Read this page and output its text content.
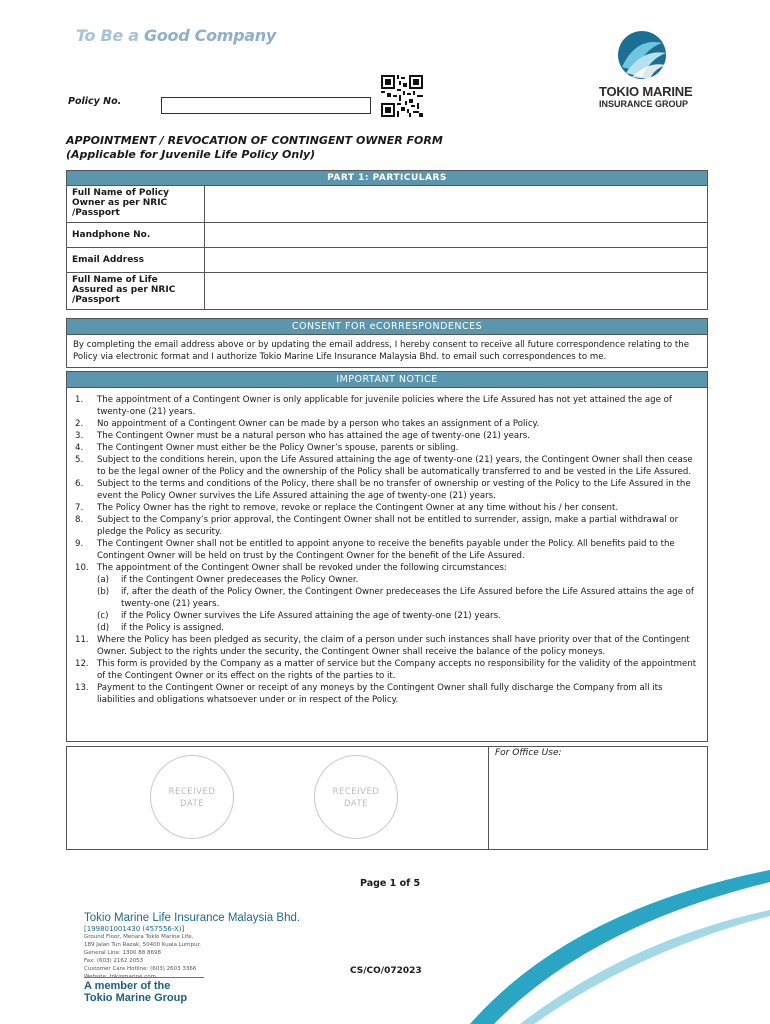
To Be a Good Company
Policy No.
TOKIO MARINE
INSURANCE GROUP
APPOINTMENT / REVOCATION OF CONTINGENT OWNER FORM
(Applicable for Juvenile Life Policy Only)
PART 1: PARTICULARS	
Full Name of Policy Owner as per NRIC /Passport	
Handphone No.	
Email Address	
Full Name of Life Assured as per NRIC /Passport	
CONSENT FOR eCORRESPONDENCES
By completing the email address above or by updating the email address, I hereby consent to receive all future correspondence relating to the Policy via electronic format and I authorize Tokio Marine Life Insurance Malaysia Bhd. to email such correspondences to me.
IMPORTANT NOTICE
1.	The appointment of a Contingent Owner is only applicable for juvenile policies where the Life Assured has not yet attained the age of twenty-one (21) years.
2.	No appointment of a Contingent Owner can be made by a person who takes an assignment of a Policy.
3.	The Contingent Owner must be a natural person who has attained the age of twenty-one (21) years.
4.	The Contingent Owner must either be the Policy Owner’s spouse, parents or sibling.
5.	Subject to the conditions herein, upon the Life Assured attaining the age of twenty-one (21) years, the Contingent Owner shall then cease to be the legal owner of the Policy and the ownership of the Policy shall be automatically transferred to and be vested in the Life Assured.
6.	Subject to the terms and conditions of the Policy, there shall be no transfer of ownership or vesting of the Policy to the Life Assured in the event the Policy Owner survives the Life Assured attaining the age of twenty-one (21) years.
7.	The Policy Owner has the right to remove, revoke or replace the Contingent Owner at any time without his / her consent.
8.	Subject to the Company’s prior approval, the Contingent Owner shall not be entitled to surrender, assign, make a partial withdrawal or pledge the Policy as security.
9.	The Contingent Owner shall not be entitled to appoint anyone to receive the benefits payable under the Policy. All benefits paid to the Contingent Owner will be held on trust by the Contingent Owner for the benefit of the Life Assured.
10. The appointment of the Contingent Owner shall be revoked under the following circumstances:
(a)	if the Contingent Owner predeceases the Policy Owner.
(b)	if, after the death of the Policy Owner, the Contingent Owner predeceases the Life Assured before the Life Assured attains the age of twenty-one (21) years.
(c)	if the Policy Owner survives the Life Assured attaining the age of twenty-one (21) years.
(d)	if the Policy is assigned.
11. Where the Policy has been pledged as security, the claim of a person under such instances shall have priority over that of the Contingent Owner. Subject to the rights under the security, the Contingent Owner shall receive the balance of the policy moneys.
12. This form is provided by the Company as a matter of service but the Company accepts no responsibility for the validity of the appointment of the Contingent Owner or its effect on the rights of the parties to it.
13. Payment to the Contingent Owner or receipt of any moneys by the Contingent Owner shall fully discharge the Company from all its liabilities and obligations whatsoever under or in respect of the Policy.
RECEIVED
DATE
RECEIVED
DATE
For Office Use:
Page 1 of 5
Tokio Marine Life Insurance Malaysia Bhd.
[199801001430 (457556-X)]
Ground Floor, Menara Tokio Marine Life,
189 Jalan Tun Razak, 50400 Kuala Lumpur.
General Line: 1300 88 8698
Fax: (603) 2162 2053
Customer Care Hotline: (603) 2603 3366
A member of the
Tokio Marine Group
CS/CO/072023
